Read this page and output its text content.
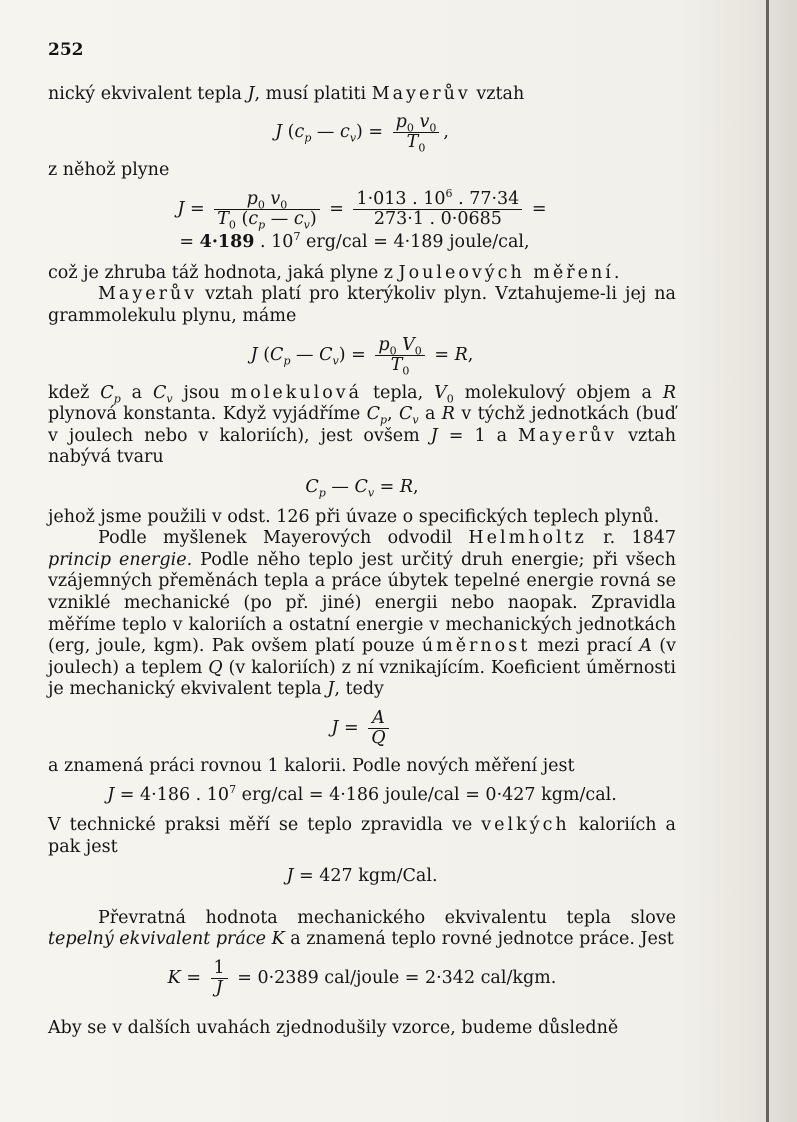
252

nický ekvivalent tepla J, musí platiti Mayerův vztah

J ($c_p$ — $c_v) = \frac{p_0 v_0}{T_0}$ ,

z něhož plyne

$J = \frac{p_0 v_0}{T_0 (c_p — c_v)} = \frac{1\cdot 013 . 10^6 . 77\cdot 34}{273\cdot 1 . 0\cdot 0685}$ =
= 4·189 . $10^7$ erg/cal = 4·189 joule/cal,

což je zhruba táž hodnota, jaká plyne z Jouleových měření.

Mayerův vztah platí pro kterýkoliv plyn. Vztahujeme-li jej na grammolekulu plynu, máme

J ($C_p$ — $C_v) = \frac{p_0 V_0}{T_0} = R$,

kdež $C_p$ a $C_v$ jsou molekulová tepla, $V_0$ molekulový objem a R plynová konstanta. Když vyjádříme $C_p$, $C_v$ a R v týchž jednotkách (buď v joulech nebo v kaloriích), jest ovšem J = 1 a Mayerův vztah nabývá tvaru

$C_p$ — $C_v = R$,

jehož jsme použili v odst. 126 při úvaze o specifických teplech plynů.

Podle myšlenek Mayerových odvodil Helmholtz r. 1847 princip energie. Podle něho teplo jest určitý druh energie; při všech vzájemných přeměnách tepla a práce úbytek tepelné energie rovná se vzniklé mechanické (po př. jiné) energii nebo naopak. Zpravidla měříme teplo v kaloriích a ostatní energie v mechanických jednotkách (erg, joule, kgm). Pak ovšem platí pouze úměrnost mezi prací A (v joulech) a teplem Q (v kaloriích) z ní vznikajícím. Koeficient úměrnosti je mechanický ekvivalent tepla J, tedy

$J = \frac{A}{Q}$

a znamená práci rovnou 1 kalorii. Podle nových měření jest

J = 4·186 . $10^7$ erg/cal = 4·186 joule/cal = 0·427 kgm/cal.

V technické praksi měří se teplo zpravidla ve velkých kaloriích a pak jest

J = 427 kgm/Cal.

Převratná hodnota mechanického ekvivalentu tepla slove tepelný ekvivalent práce K a znamená teplo rovné jednotce práce. Jest

$K = \frac{1}{J} = 0\cdot 2389$ cal/joule = 2·342 cal/kgm.

Aby se v dalších uvahách zjednodušily vzorce, budeme důsledně
